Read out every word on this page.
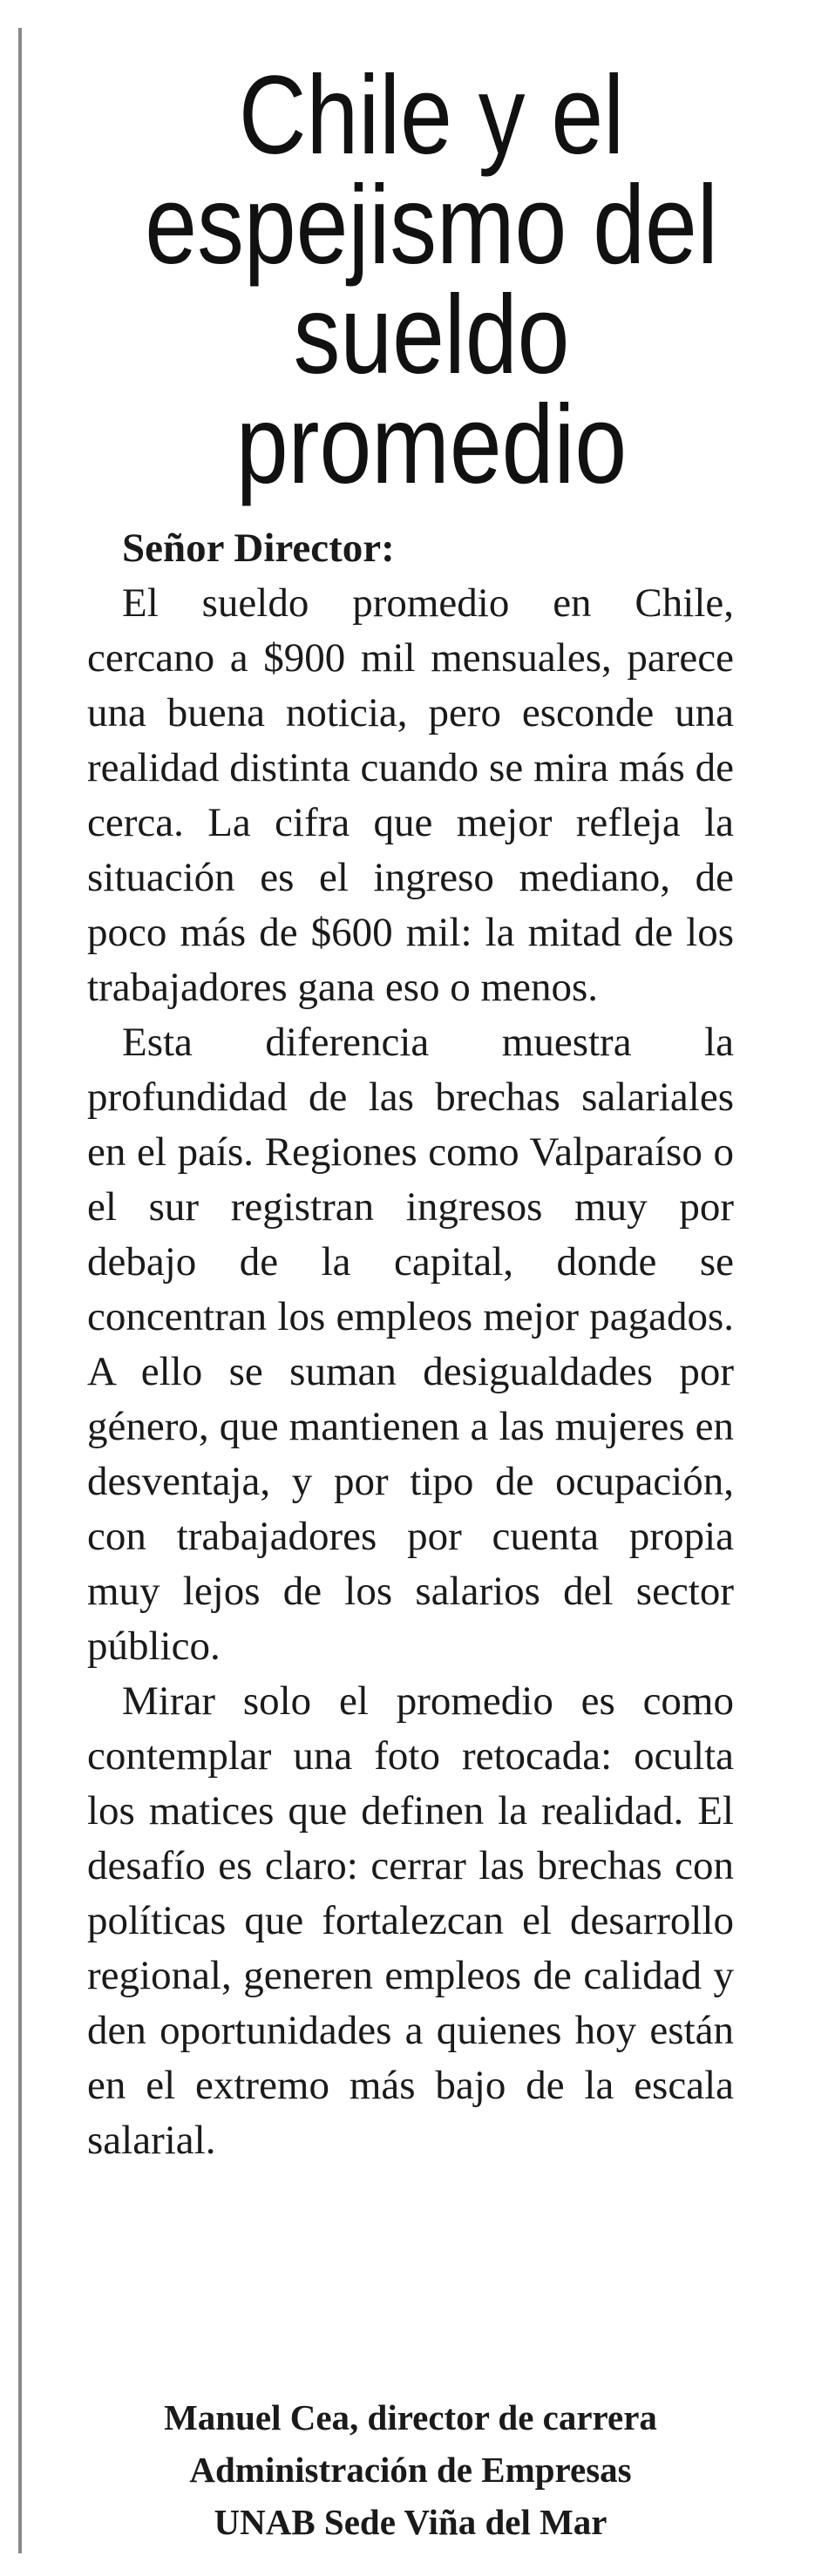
Chile y el espejismo del sueldo promedio

Señor Director:

El sueldo promedio en Chile, cercano a $900 mil mensuales, parece una buena noticia, pero esconde una realidad distinta cuando se mira más de cerca. La cifra que mejor refleja la situación es el ingreso mediano, de poco más de $600 mil: la mitad de los trabajadores gana eso o menos.

Esta diferencia muestra la profundidad de las brechas salariales en el país. Regiones como Valparaíso o el sur registran ingresos muy por debajo de la capital, donde se concentran los empleos mejor pagados. A ello se suman desigualdades por género, que mantienen a las mujeres en desventaja, y por tipo de ocupación, con trabajadores por cuenta propia muy lejos de los salarios del sector público.

Mirar solo el promedio es como contemplar una foto retocada: oculta los matices que definen la realidad. El desafío es claro: cerrar las brechas con políticas que fortalezcan el desarrollo regional, generen empleos de calidad y den oportunidades a quienes hoy están en el extremo más bajo de la escala salarial.

Manuel Cea, director de carrera
Administración de Empresas
UNAB Sede Viña del Mar
